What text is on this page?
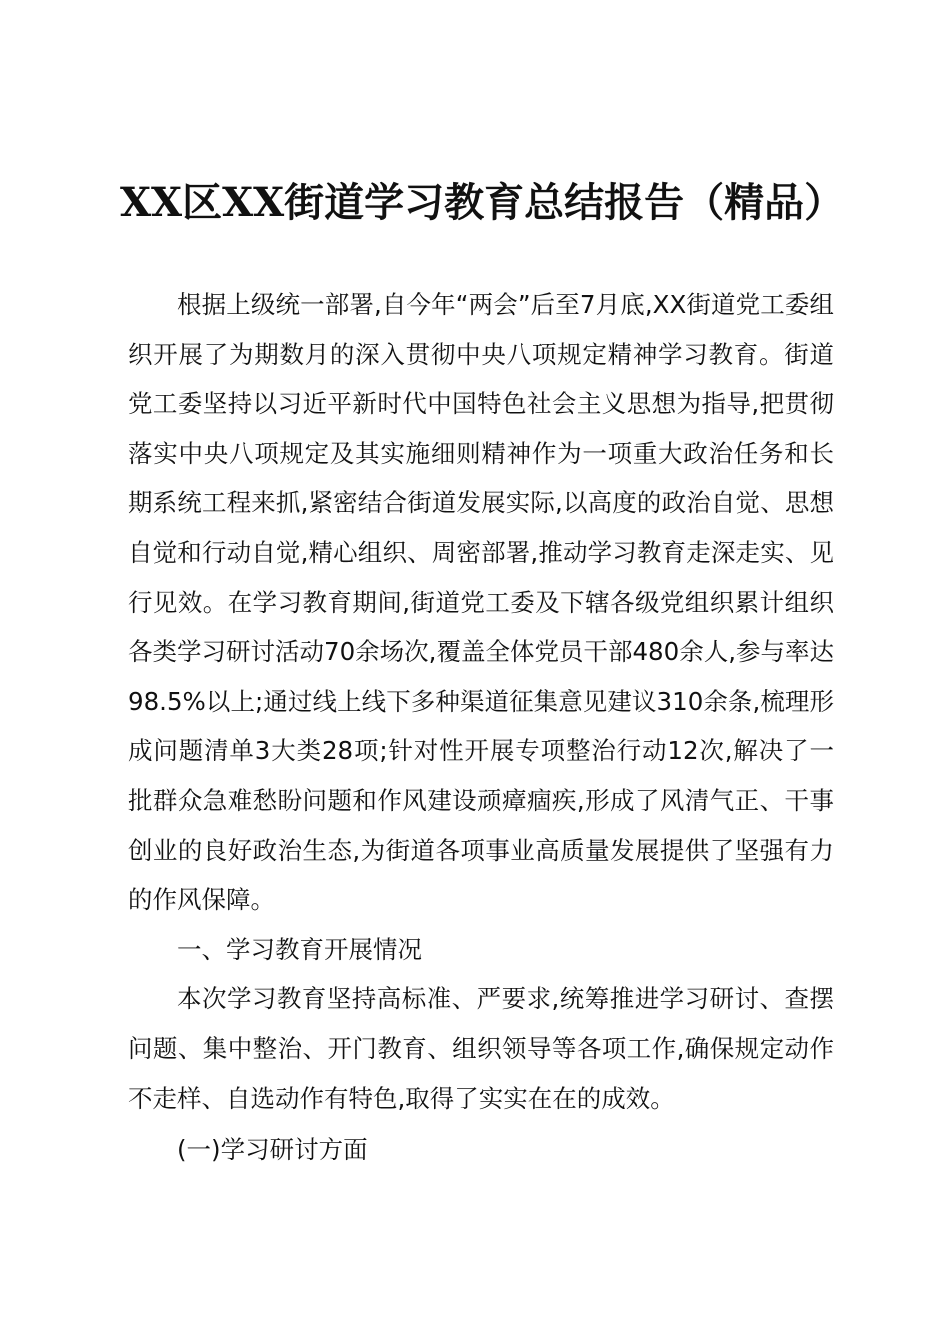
XX区XX街道学习教育总结报告（精品）

根据上级统一部署,自今年“两会”后至7月底,XX街道党工委组织开展了为期数月的深入贯彻中央八项规定精神学习教育。街道党工委坚持以习近平新时代中国特色社会主义思想为指导,把贯彻落实中央八项规定及其实施细则精神作为一项重大政治任务和长期系统工程来抓,紧密结合街道发展实际,以高度的政治自觉、思想自觉和行动自觉,精心组织、周密部署,推动学习教育走深走实、见行见效。在学习教育期间,街道党工委及下辖各级党组织累计组织各类学习研讨活动70余场次,覆盖全体党员干部480余人,参与率达98.5%以上;通过线上线下多种渠道征集意见建议310余条,梳理形成问题清单3大类28项;针对性开展专项整治行动12次,解决了一批群众急难愁盼问题和作风建设顽瘴痼疾,形成了风清气正、干事创业的良好政治生态,为街道各项事业高质量发展提供了坚强有力的作风保障。

一、学习教育开展情况

本次学习教育坚持高标准、严要求,统筹推进学习研讨、查摆问题、集中整治、开门教育、组织领导等各项工作,确保规定动作不走样、自选动作有特色,取得了实实在在的成效。

(一)学习研讨方面
